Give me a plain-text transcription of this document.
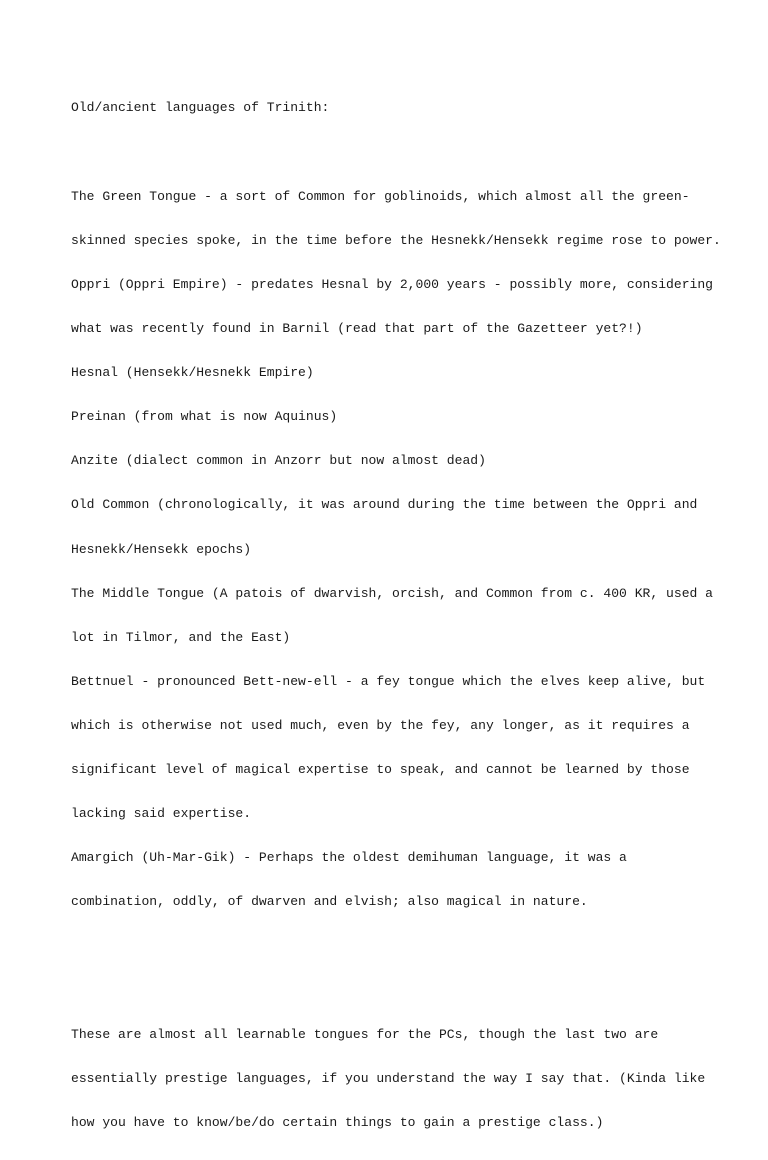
Old/ancient languages of Trinith:

The Green Tongue - a sort of Common for goblinoids, which almost all the green-

skinned species spoke, in the time before the Hesnekk/Hensekk regime rose to power.

Oppri (Oppri Empire) - predates Hesnal by 2,000 years - possibly more, considering

what was recently found in Barnil (read that part of the Gazetteer yet?!)

Hesnal (Hensekk/Hesnekk Empire)

Preinan (from what is now Aquinus)

Anzite (dialect common in Anzorr but now almost dead)

Old Common (chronologically, it was around during the time between the Oppri and

Hesnekk/Hensekk epochs)

The Middle Tongue (A patois of dwarvish, orcish, and Common from c. 400 KR, used a

lot in Tilmor, and the East)

Bettnuel - pronounced Bett-new-ell - a fey tongue which the elves keep alive, but

which is otherwise not used much, even by the fey, any longer, as it requires a

significant level of magical expertise to speak, and cannot be learned by those

lacking said expertise.

Amargich (Uh-Mar-Gik) - Perhaps the oldest demihuman language, it was a

combination, oddly, of dwarven and elvish; also magical in nature.

These are almost all learnable tongues for the PCs, though the last two are

essentially prestige languages, if you understand the way I say that. (Kinda like

how you have to know/be/do certain things to gain a prestige class.)
